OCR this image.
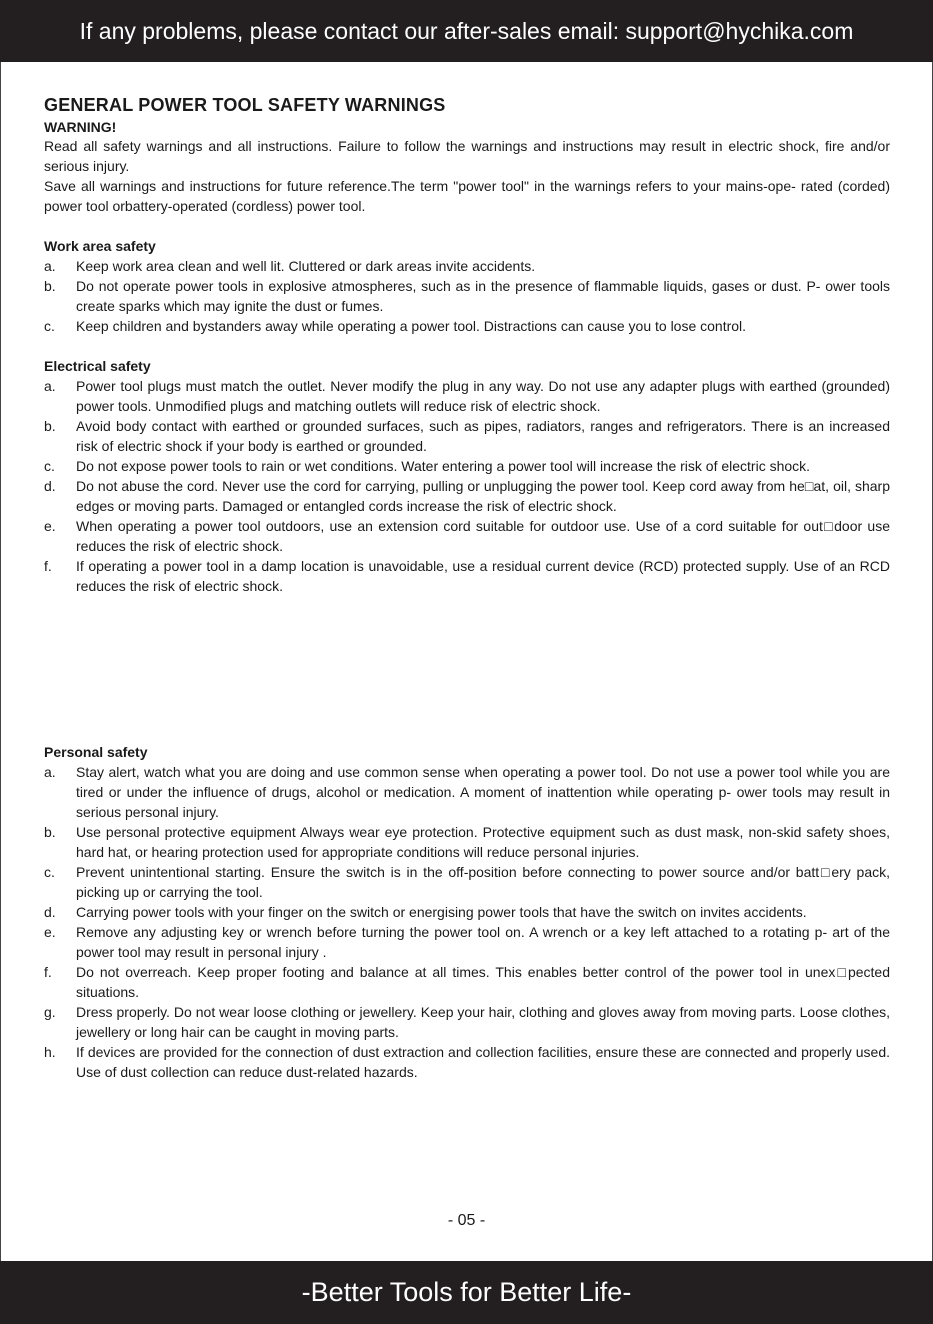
If any problems, please contact our after-sales email: support@hychika.com
GENERAL POWER TOOL SAFETY WARNINGS
WARNING!

Read all safety warnings and all instructions. Failure to follow the warnings and instructions may result in electric shock, fire and/or serious injury.

Save all warnings and instructions for future reference.The term "power tool" in the warnings refers to your mains-ope- rated (corded) power tool orbattery-operated (cordless) power tool.

Work area safety
a. Keep work area clean and well lit. Cluttered or dark areas invite accidents.
b. Do not operate power tools in explosive atmospheres, such as in the presence of flammable liquids, gases or dust. P- ower tools create sparks which may ignite the dust or fumes.
c. Keep children and bystanders away while operating a power tool. Distractions can cause you to lose control.
Electrical safety
a. Power tool plugs must match the outlet. Never modify the plug in any way. Do not use any adapter plugs with earthed (grounded) power tools. Unmodified plugs and matching outlets will reduce risk of electric shock.
b. Avoid body contact with earthed or grounded surfaces, such as pipes, radiators, ranges and refrigerators. There is an increased risk of electric shock if your body is earthed or grounded.
c. Do not expose power tools to rain or wet conditions. Water entering a power tool will increase the risk of electric shock.
d. Do not abuse the cord. Never use the cord for carrying, pulling or unplugging the power tool. Keep cord away from he□at, oil, sharp edges or moving parts. Damaged or entangled cords increase the risk of electric shock.
e. When operating a power tool outdoors, use an extension cord suitable for outdoor use. Use of a cord suitable for out□door use reduces the risk of electric shock.
f. If operating a power tool in a damp location is unavoidable, use a residual current device (RCD) protected supply. Use of an RCD reduces the risk of electric shock.
Personal safety
a. Stay alert, watch what you are doing and use common sense when operating a power tool. Do not use a power tool while you are tired or under the influence of drugs, alcohol or medication. A moment of inattention while operating p- ower tools may result in serious personal injury.
b. Use personal protective equipment Always wear eye protection. Protective equipment such as dust mask, non-skid safety shoes, hard hat, or hearing protection used for appropriate conditions will reduce personal injuries.
c. Prevent unintentional starting. Ensure the switch is in the off-position before connecting to power source and/or batt□ery pack, picking up or carrying the tool.
d. Carrying power tools with your finger on the switch or energising power tools that have the switch on invites accidents.
e. Remove any adjusting key or wrench before turning the power tool on. A wrench or a key left attached to a rotating p- art of the power tool may result in personal injury .
f. Do not overreach. Keep proper footing and balance at all times. This enables better control of the power tool in unex□pected situations.
g. Dress properly. Do not wear loose clothing or jewellery. Keep your hair, clothing and gloves away from moving parts. Loose clothes, jewellery or long hair can be caught in moving parts.
h. If devices are provided for the connection of dust extraction and collection facilities, ensure these are connected and properly used. Use of dust collection can reduce dust-related hazards.
- 05 -
-Better Tools for Better Life-
